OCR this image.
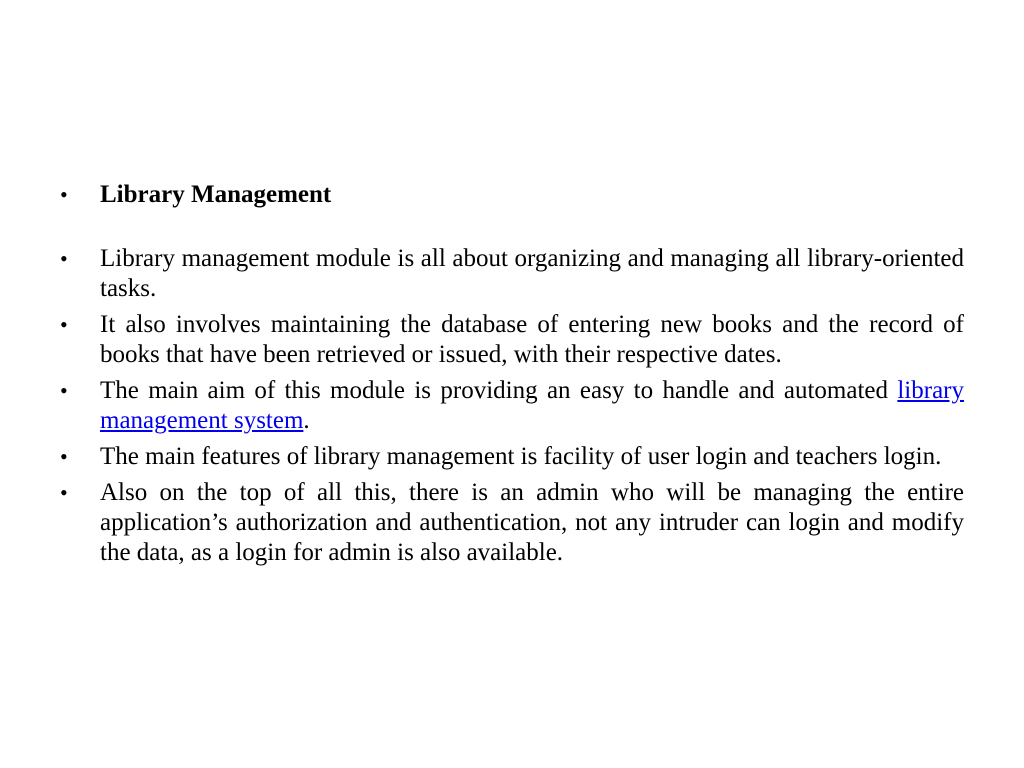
•	Library Management
•	Library management module is all about organizing and managing all library-oriented tasks.
•	It also involves maintaining the database of entering new books and the record of books that have been retrieved or issued, with their respective dates.
•	The main aim of this module is providing an easy to handle and automated library management system.
•	The main features of library management is facility of user login and teachers login.
•	Also on the top of all this, there is an admin who will be managing the entire application’s authorization and authentication, not any intruder can login and modify the data, as a login for admin is also available.
